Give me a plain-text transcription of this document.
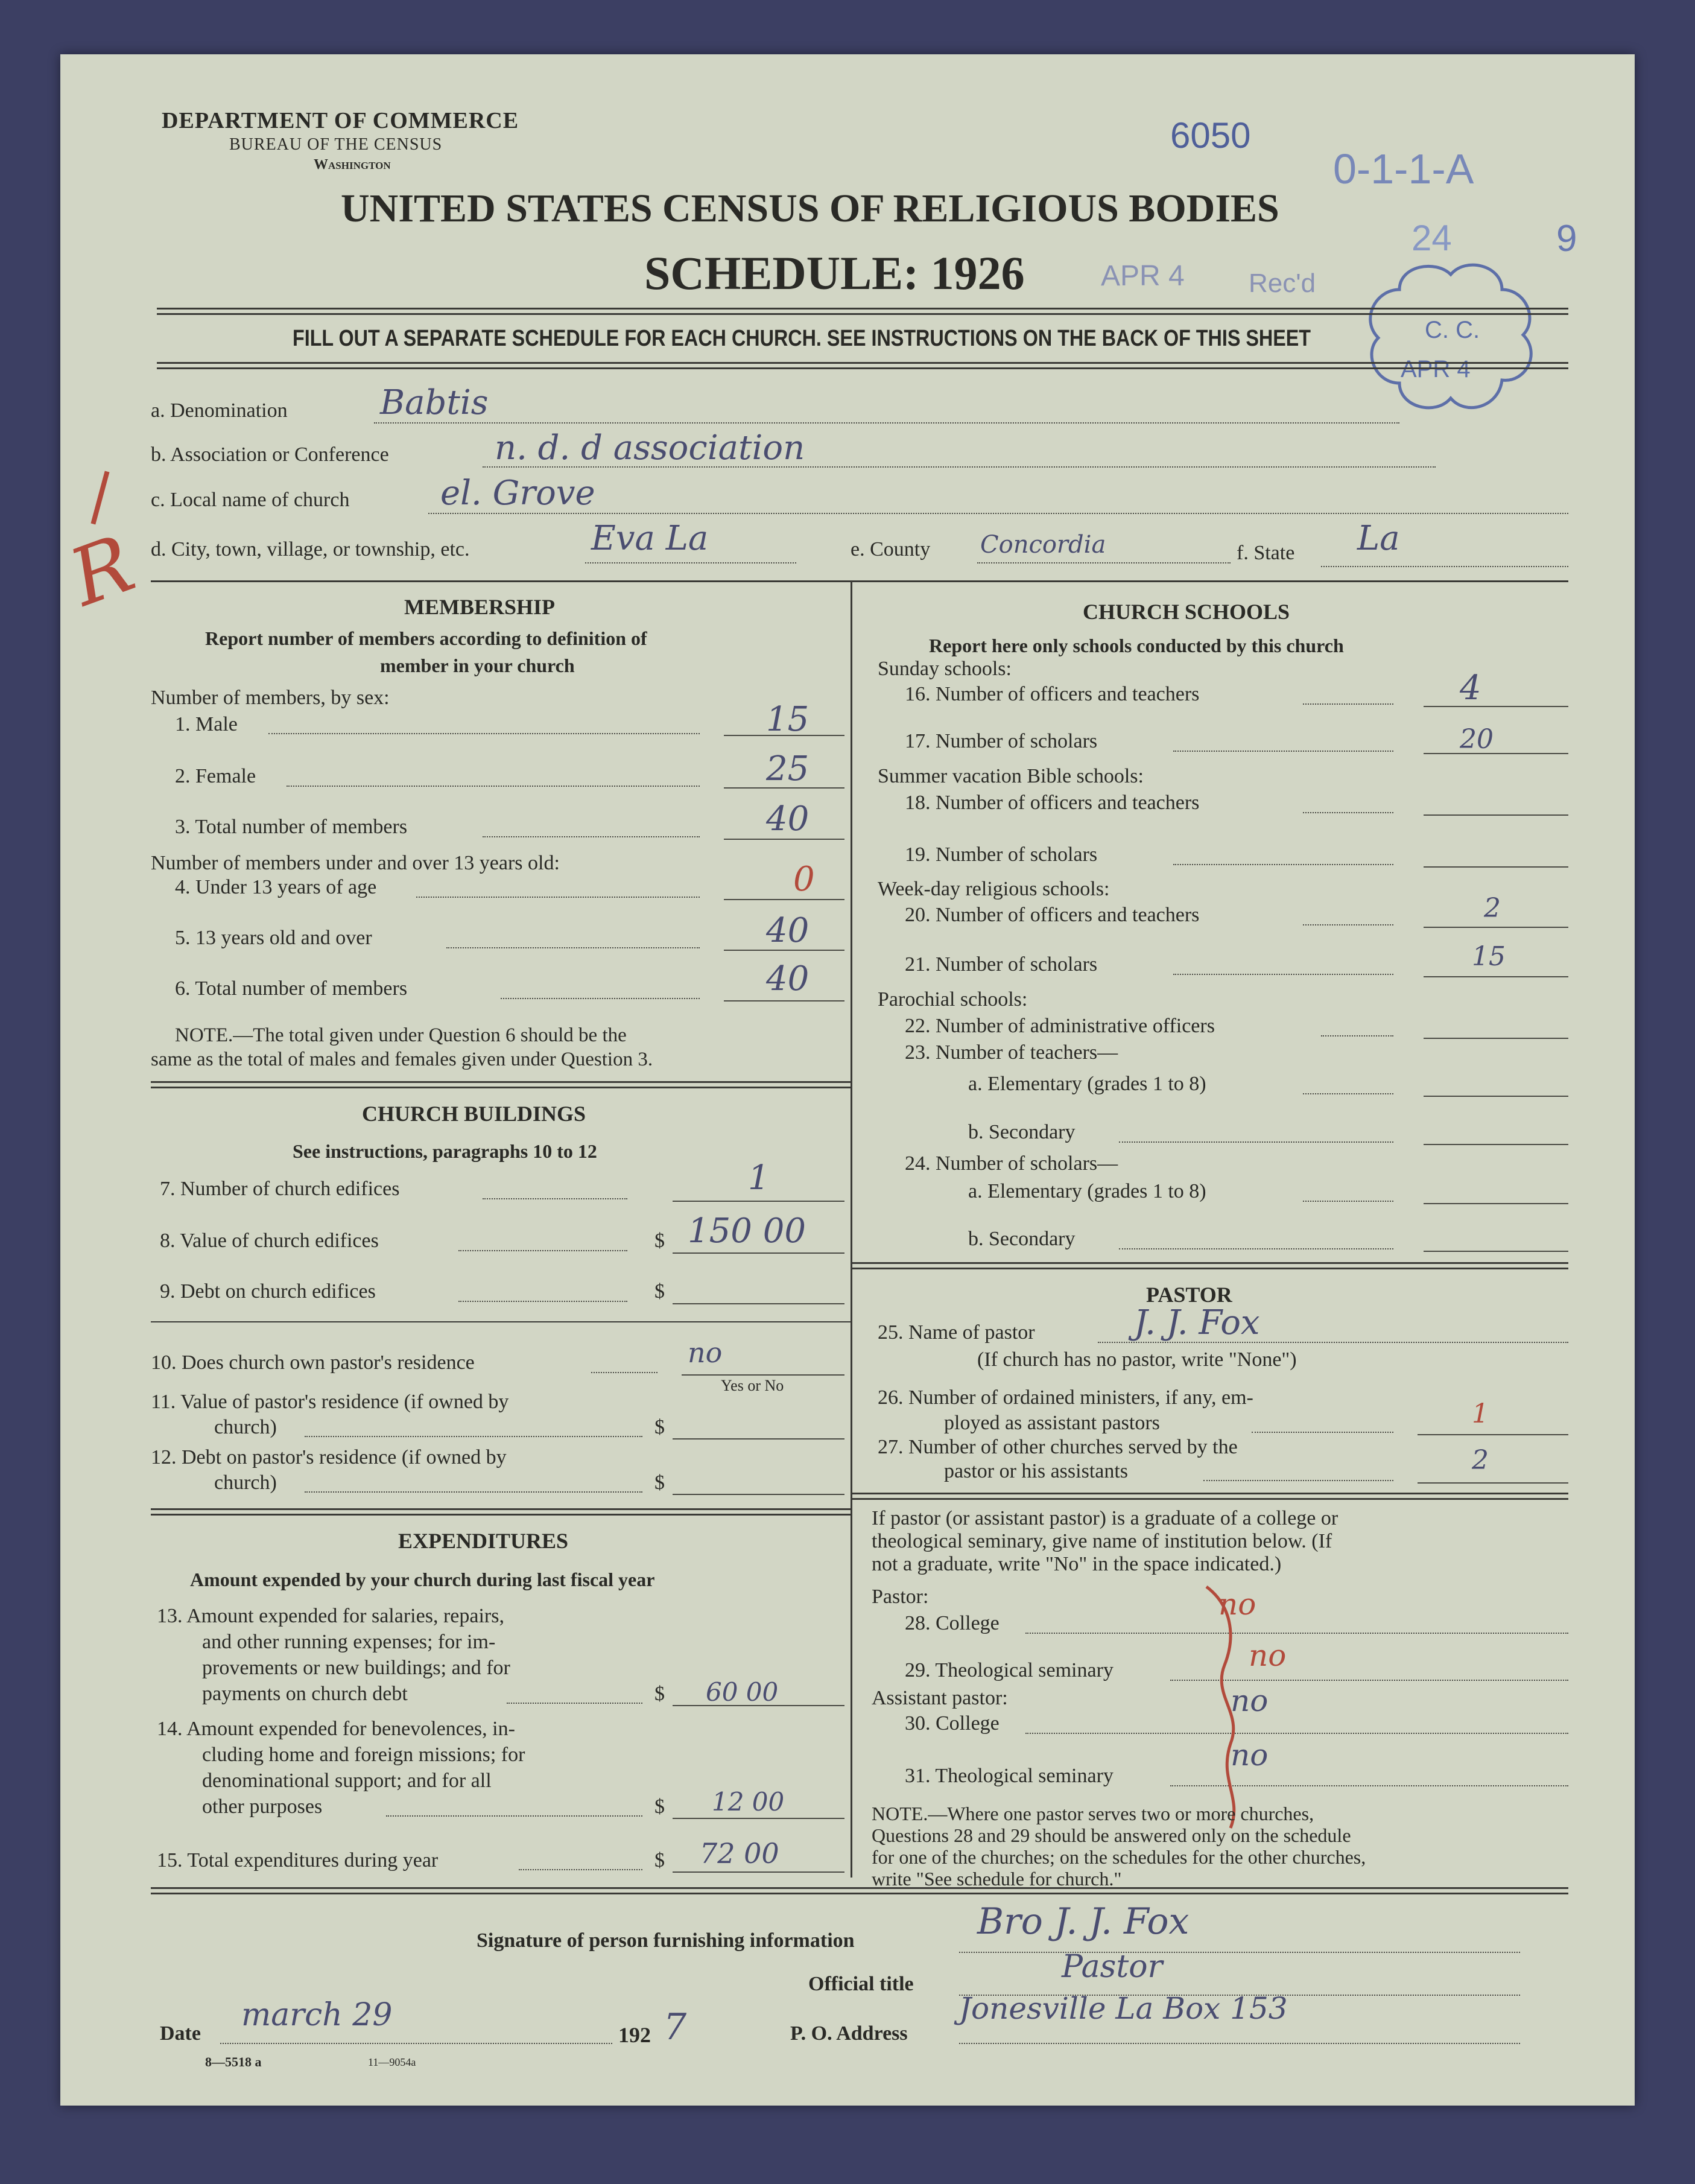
DEPARTMENT OF COMMERCE
BUREAU OF THE CENSUS
Washington
6050
0-1-1-A
24	9
UNITED STATES CENSUS OF RELIGIOUS BODIES
SCHEDULE: 1926	APR 4 Rec'd
C. C.
APR 4
FILL OUT A SEPARATE SCHEDULE FOR EACH CHURCH. SEE INSTRUCTIONS ON THE BACK OF THIS SHEET
a. Denomination	Babtis
b. Association or Conference	n. d. d association
c. Local name of church	el. Grove
d. City, town, village, or township, etc.	Eva La	e. County Concordia	f. State La
R	MEMBERSHIP
Report number of members according to definition of
member in your church
Number of members, by sex:
1. Male	15
2. Female	25
3. Total number of members	40
Number of members under and over 13 years old:
4. Under 13 years of age	0
5. 13 years old and over	40
6. Total number of members	40
NOTE.—The total given under Question 6 should be the
same as the total of males and females given under Question 3.
CHURCH BUILDINGS
See instructions, paragraphs 10 to 12
7. Number of church edifices	1
8. Value of church edifices	$ 150 00
9. Debt on church edifices	$
10. Does church own pastor's residence	no
Yes or No
11. Value of pastor's residence (if owned by
church)	$
12. Debt on pastor's residence (if owned by
church)	$
EXPENDITURES
Amount expended by your church during last fiscal year
13. Amount expended for salaries, repairs,
and other running expenses; for im-
provements or new buildings; and for
payments on church debt	$ 60 00
14. Amount expended for benevolences, in-
cluding home and foreign missions; for
denominational support; and for all
other purposes	$ 12 00
15. Total expenditures during year	$ 72 00
CHURCH SCHOOLS
Report here only schools conducted by this church
Sunday schools:
16. Number of officers and teachers	4
17. Number of scholars	20
Summer vacation Bible schools:
18. Number of officers and teachers
19. Number of scholars
Week-day religious schools:
20. Number of officers and teachers	2
21. Number of scholars	15
Parochial schools:
22. Number of administrative officers
23. Number of teachers—
a. Elementary (grades 1 to 8)
b. Secondary
24. Number of scholars—
a. Elementary (grades 1 to 8)
b. Secondary
PASTOR
25. Name of pastor	J. J. Fox
(If church has no pastor, write "None")
26. Number of ordained ministers, if any, em-
ployed as assistant pastors	1
27. Number of other churches served by the
pastor or his assistants	2
If pastor (or assistant pastor) is a graduate of a college or
theological seminary, give name of institution below. (If
not a graduate, write "No" in the space indicated.)
Pastor:
28. College
no
29. Theological seminary	no
Assistant pastor:
30. College
no
31. Theological seminary
no
NOTE.—Where one pastor serves two or more churches,
Questions 28 and 29 should be answered only on the schedule
for one of the churches; on the schedules for the other churches,
write "See schedule for church."
Signature of person furnishing information	Bro J. J. Fox
Official title	Pastor
Date
march 29
192 7	P. O. Address
Jonesville La Box 153
8—5518 a	11—9054a
